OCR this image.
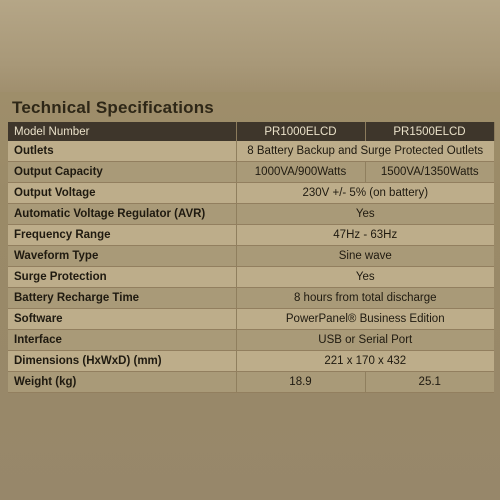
Technical Specifications
Model Number	PR1000ELCD	PR1500ELCD
Outlets	8 Battery Backup and Surge Protected Outlets	
Output Capacity	1000VA/900Watts	1500VA/1350Watts
Output Voltage	230V +/- 5% (on battery)	
Automatic Voltage Regulator (AVR)	Yes	
Frequency Range	47Hz - 63Hz	
Waveform Type	Sine wave	
Surge Protection	Yes	
Battery Recharge Time	8 hours from total discharge	
Software	PowerPanel® Business Edition	
Interface	USB or Serial Port	
Dimensions (HxWxD) (mm)	221 x 170 x 432	
Weight (kg)	18.9	25.1
